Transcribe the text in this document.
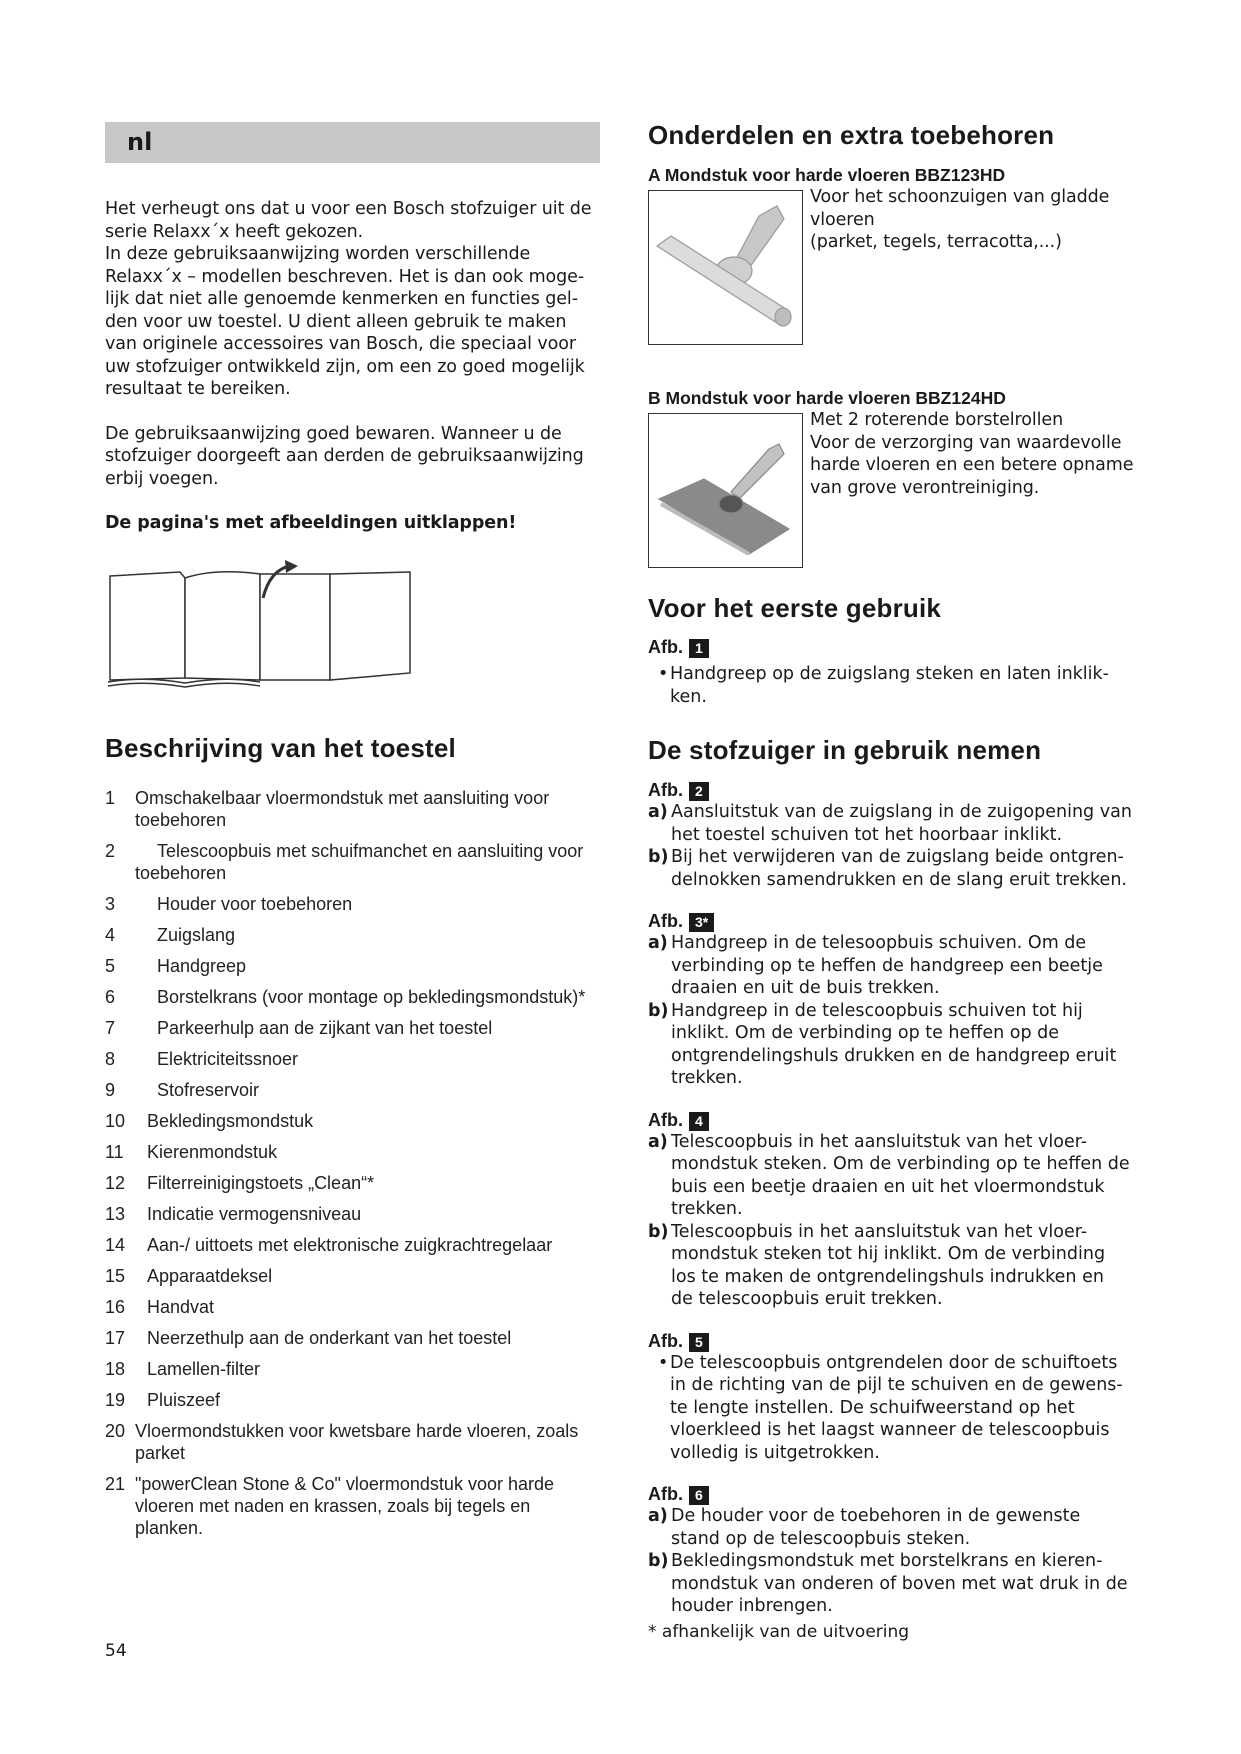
nl
Het verheugt ons dat u voor een Bosch stofzuiger uit de
serie Relaxx´x heeft gekozen.
In deze gebruiksaanwijzing worden verschillende
Relaxx´x – modellen beschreven. Het is dan ook moge-
lijk dat niet alle genoemde kenmerken en functies gel-
den voor uw toestel. U dient alleen gebruik te maken
van originele accessoires van Bosch, die speciaal voor
uw stofzuiger ontwikkeld zijn, om een zo goed mogelijk
resultaat te bereiken.
De gebruiksaanwijzing goed bewaren. Wanneer u de
stofzuiger doorgeeft aan derden de gebruiksaanwijzing
erbij voegen.
De pagina's met afbeeldingen uitklappen!
Beschrijving van het toestel
1 Omschakelbaar vloermondstuk met aansluiting voor
toebehoren
2	Telescoopbuis met schuifmanchet en aansluiting voor
toebehoren
3 Houder voor toebehoren
4 Zuigslang
5 Handgreep
6 Borstelkrans (voor montage op bekledingsmondstuk)*
7 Parkeerhulp aan de zijkant van het toestel
8 Elektriciteitssnoer
9 Stofreservoir
10 Bekledingsmondstuk
11 Kierenmondstuk
12 Filterreinigingstoets „Clean“*
13 Indicatie vermogensniveau
14 Aan-/ uittoets met elektronische zuigkrachtregelaar
15 Apparaatdeksel
16 Handvat
17 Neerzethulp aan de onderkant van het toestel
18 Lamellen-filter
19 Pluiszeef
20 Vloermondstukken voor kwetsbare harde vloeren, zoals
parket
21 "powerClean Stone & Co" vloermondstuk voor harde
vloeren met naden en krassen, zoals bij tegels en
planken.
Onderdelen en extra toebehoren
A Mondstuk voor harde vloeren BBZ123HD
Voor het schoonzuigen van gladde
vloeren
(parket, tegels, terracotta,...)
B Mondstuk voor harde vloeren BBZ124HD
Met 2 roterende borstelrollen
Voor de verzorging van waardevolle
harde vloeren en een betere opname
van grove verontreiniging.
Voor het eerste gebruik
Afb. 1
• Handgreep op de zuigslang steken en laten inklik-
ken.
De stofzuiger in gebruik nemen
Afb. 2
a) Aansluitstuk van de zuigslang in de zuigopening van
het toestel schuiven tot het hoorbaar inklikt.
b) Bij het verwijderen van de zuigslang beide ontgren-
delnokken samendrukken en de slang eruit trekken.
Afb. 3*
a) Handgreep in de telesoopbuis schuiven. Om de
verbinding op te heffen de handgreep een beetje
draaien en uit de buis trekken.
b) Handgreep in de telescoopbuis schuiven tot hij
inklikt. Om de verbinding op te heffen op de
ontgrendelingshuls drukken en de handgreep eruit
trekken.
Afb. 4
a) Telescoopbuis in het aansluitstuk van het vloer-
mondstuk steken. Om de verbinding op te heffen de
buis een beetje draaien en uit het vloermondstuk
trekken.
b) Telescoopbuis in het aansluitstuk van het vloer-
mondstuk steken tot hij inklikt. Om de verbinding
los te maken de ontgrendelingshuls indrukken en
de telescoopbuis eruit trekken.
Afb. 5
• De telescoopbuis ontgrendelen door de schuiftoets
in de richting van de pijl te schuiven en de gewens-
te lengte instellen. De schuifweerstand op het
vloerkleed is het laagst wanneer de telescoopbuis
volledig is uitgetrokken.
Afb. 6
a) De houder voor de toebehoren in de gewenste
stand op de telescoopbuis steken.
b) Bekledingsmondstuk met borstelkrans en kieren-
mondstuk van onderen of boven met wat druk in de
houder inbrengen.
54
* afhankelijk van de uitvoering
